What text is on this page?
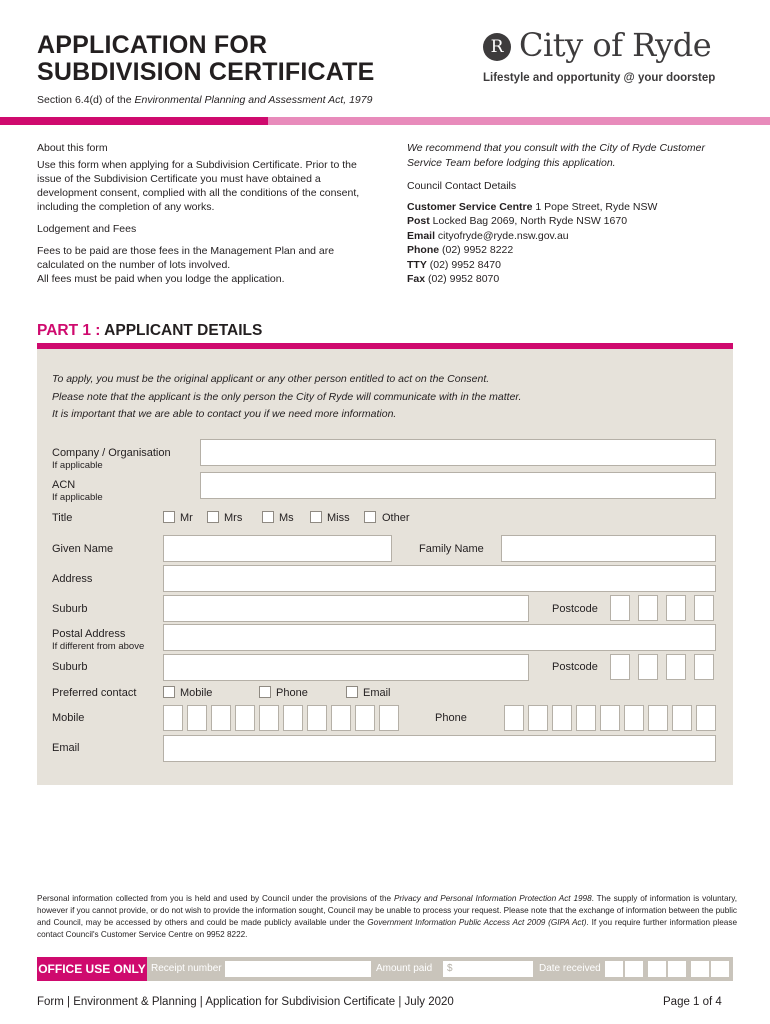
APPLICATION FOR
SUBDIVISION CERTIFICATE
Section 6.4(d) of the Environmental Planning and Assessment Act, 1979
R City of Ryde
Lifestyle and opportunity @ your doorstep
About this form

Use this form when applying for a Subdivision Certificate. Prior to the issue of the Subdivision Certificate you must have obtained a development consent, complied with all the conditions of the consent, including the completion of any works.

Lodgement and Fees

Fees to be paid are those fees in the Management Plan and are calculated on the number of lots involved.

All fees must be paid when you lodge the application.

We recommend that you consult with the City of Ryde Customer Service Team before lodging this application.
Council Contact Details
Customer Service Centre 1 Pope Street, Ryde NSW
Post Locked Bag 2069, North Ryde NSW 1670
Email cityofryde@ryde.nsw.gov.au
Phone (02) 9952 8222
TTY (02) 9952 8470
Fax (02) 9952 8070
PART 1 : APPLICANT DETAILS
To apply, you must be the original applicant or any other person entitled to act on the Consent.
Please note that the applicant is the only person the City of Ryde will communicate with in the matter.
It is important that we are able to contact you if we need more information.
Company / Organisation
If applicable
ACN
If applicable
Title	Mr	Mrs	Ms	Miss	Other
Given Name	Family Name
Address
Suburb	Postcode
Postal Address
If different from above
Suburb	Postcode
Preferred contact	Mobile	Phone	Email
Mobile	Phone
Email
Personal information collected from you is held and used by Council under the provisions of the Privacy and Personal Information Protection Act 1998. The supply of information is voluntary, however if you cannot provide, or do not wish to provide the information sought, Council may be unable to process your request. Please note that the exchange of information between the public and Council, may be accessed by others and could be made publicly available under the Government Information Public Access Act 2009 (GIPA Act). If you require further information please contact Council's Customer Service Centre on 9952 8222.
OFFICE USE ONLY Receipt number	Amount paid $	Date received
Form | Environment & Planning | Application for Subdivision Certificate | July 2020	Page 1 of 4
